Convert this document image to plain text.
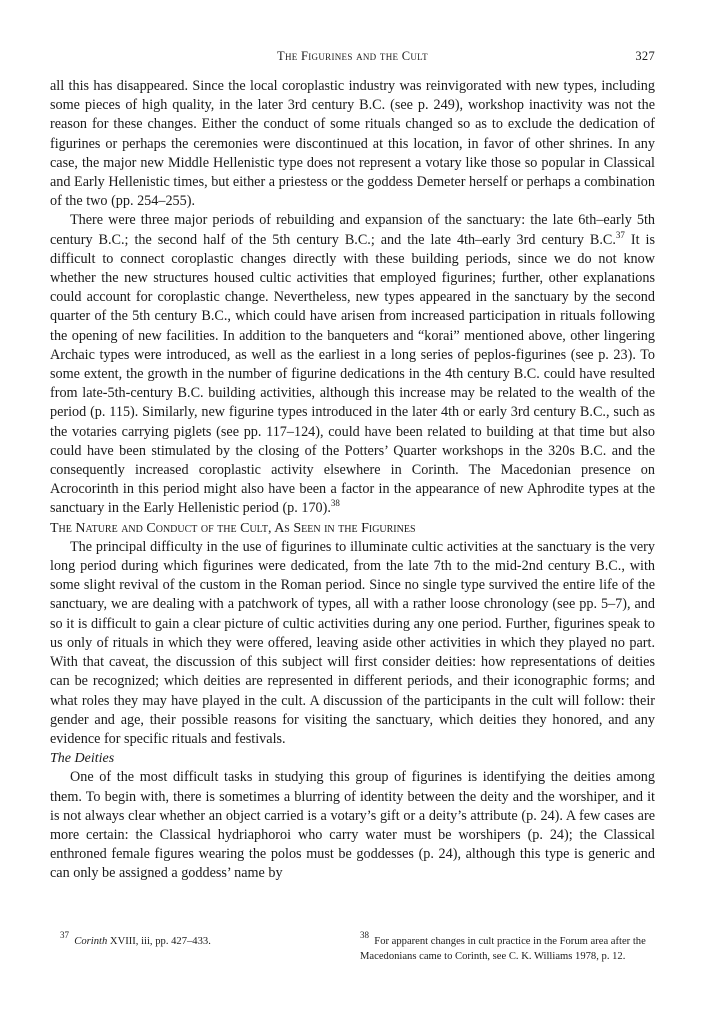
The Figurines and the Cult	327

all this has disappeared. Since the local coroplastic industry was reinvigorated with new types, including some pieces of high quality, in the later 3rd century B.C. (see p. 249), workshop inactivity was not the reason for these changes. Either the conduct of some rituals changed so as to exclude the dedication of figurines or perhaps the ceremonies were discontinued at this location, in favor of other shrines. In any case, the major new Middle Hellenistic type does not represent a votary like those so popular in Classical and Early Hellenistic times, but either a priestess or the goddess Demeter herself or perhaps a combination of the two (pp. 254–255).

There were three major periods of rebuilding and expansion of the sanctuary: the late 6th–early 5th century B.C.; the second half of the 5th century B.C.; and the late 4th–early 3rd century B.C.$^{37}$ It is difficult to connect coroplastic changes directly with these building periods, since we do not know whether the new structures housed cultic activities that employed figurines; further, other explanations could account for coroplastic change. Nevertheless, new types appeared in the sanctuary by the second quarter of the 5th century B.C., which could have arisen from increased participation in rituals following the opening of new facilities. In addition to the banqueters and “korai” mentioned above, other lingering Archaic types were introduced, as well as the earliest in a long series of peplos-figurines (see p. 23). To some extent, the growth in the number of figurine dedications in the 4th century B.C. could have resulted from late-5th-century B.C. building activities, although this increase may be related to the wealth of the period (p. 115). Similarly, new figurine types introduced in the later 4th or early 3rd century B.C., such as the votaries carrying piglets (see pp. 117–124), could have been related to building at that time but also could have been stimulated by the closing of the Potters’ Quarter workshops in the 320s B.C. and the consequently increased coroplastic activity elsewhere in Corinth. The Macedonian presence on Acrocorinth in this period might also have been a factor in the appearance of new Aphrodite types at the sanctuary in the Early Hellenistic period (p. 170).$^{38}$

The Nature and Conduct of the Cult, As Seen in the Figurines

The principal difficulty in the use of figurines to illuminate cultic activities at the sanctuary is the very long period during which figurines were dedicated, from the late 7th to the mid-2nd century B.C., with some slight revival of the custom in the Roman period. Since no single type survived the entire life of the sanctuary, we are dealing with a patchwork of types, all with a rather loose chronology (see pp. 5–7), and so it is difficult to gain a clear picture of cultic activities during any one period. Further, figurines speak to us only of rituals in which they were offered, leaving aside other activities in which they played no part. With that caveat, the discussion of this subject will first consider deities: how representations of deities can be recognized; which deities are represented in different periods, and their iconographic forms; and what roles they may have played in the cult. A discussion of the participants in the cult will follow: their gender and age, their possible reasons for visiting the sanctuary, which deities they honored, and any evidence for specific rituals and festivals.

The Deities

One of the most difficult tasks in studying this group of figurines is identifying the deities among them. To begin with, there is sometimes a blurring of identity between the deity and the worshiper, and it is not always clear whether an object carried is a votary’s gift or a deity’s attribute (p. 24). A few cases are more certain: the Classical hydriaphoroi who carry water must be worshipers (p. 24); the Classical enthroned female figures wearing the polos must be goddesses (p. 24), although this type is generic and can only be assigned a goddess’ name by

$^{37}$  Corinth XVIII, iii, pp. 427–433.
$^{38}$  For apparent changes in cult practice in the Forum area after the Macedonians came to Corinth, see C. K. Williams 1978, p. 12.
